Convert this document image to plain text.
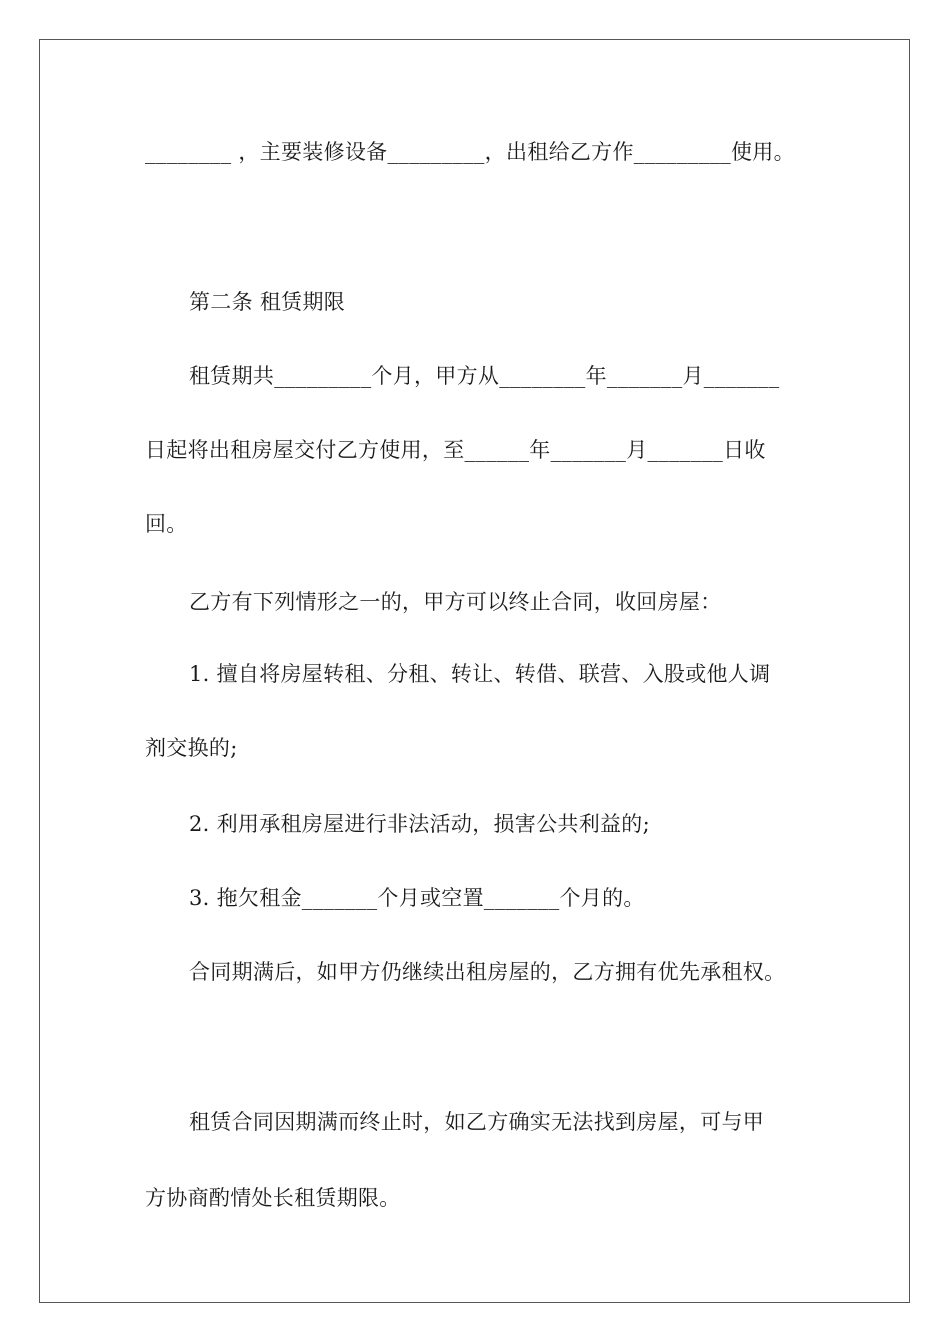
________ ，主要装修设备_________，出租给乙方作_________使用。
第二条 租赁期限
租赁期共_________个月，甲方从________年_______月_______
日起将出租房屋交付乙方使用，至______年_______月_______日收
回。
乙方有下列情形之一的，甲方可以终止合同，收回房屋：
1. 擅自将房屋转租、分租、转让、转借、联营、入股或他人调
剂交换的;
2. 利用承租房屋进行非法活动，损害公共利益的;
3. 拖欠租金_______个月或空置_______个月的。
合同期满后，如甲方仍继续出租房屋的，乙方拥有优先承租权。
租赁合同因期满而终止时，如乙方确实无法找到房屋，可与甲
方协商酌情处长租赁期限。
